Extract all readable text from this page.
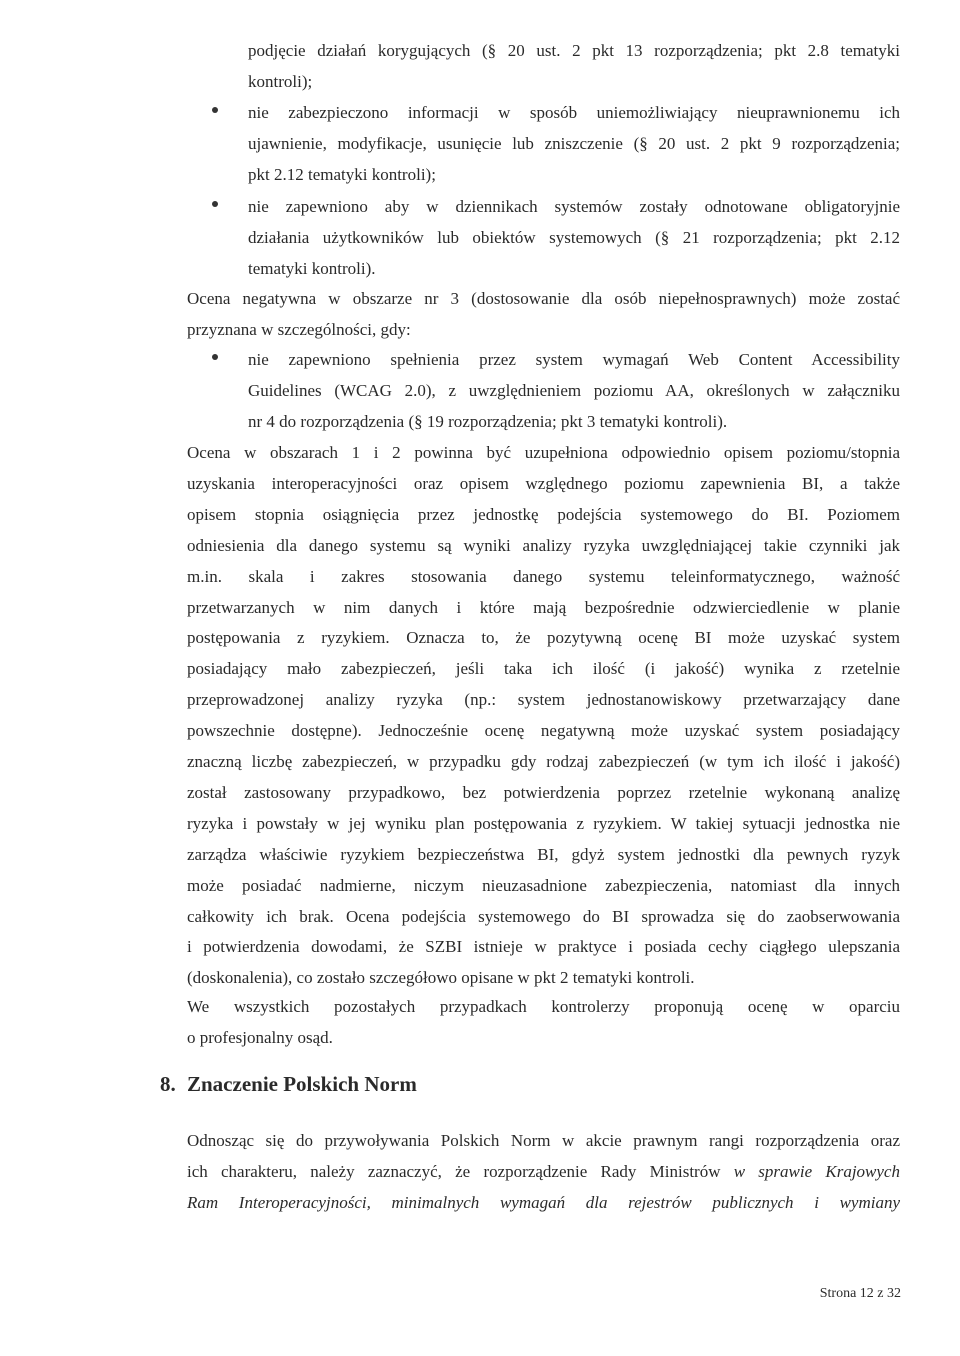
podjęcie działań korygujących (§ 20 ust. 2 pkt 13 rozporządzenia; pkt 2.8 tematyki
kontroli);
nie zabezpieczono informacji w sposób uniemożliwiający nieuprawnionemu ich
ujawnienie, modyfikacje, usunięcie lub zniszczenie (§ 20 ust. 2 pkt 9 rozporządzenia;
pkt 2.12 tematyki kontroli);
nie zapewniono aby w dziennikach systemów zostały odnotowane obligatoryjnie
działania użytkowników lub obiektów systemowych (§ 21 rozporządzenia; pkt 2.12
tematyki kontroli).
Ocena negatywna w obszarze nr 3 (dostosowanie dla osób niepełnosprawnych) może zostać
przyznana w szczególności, gdy:
nie zapewniono spełnienia przez system wymagań Web Content Accessibility
Guidelines (WCAG 2.0), z uwzględnieniem poziomu AA, określonych w załączniku
nr 4 do rozporządzenia (§ 19 rozporządzenia; pkt 3 tematyki kontroli).
Ocena w obszarach 1 i 2 powinna być uzupełniona odpowiednio opisem poziomu/stopnia
uzyskania interoperacyjności oraz opisem względnego poziomu zapewnienia BI, a także
opisem stopnia osiągnięcia przez jednostkę podejścia systemowego do BI. Poziomem
odniesienia dla danego systemu są wyniki analizy ryzyka uwzględniającej takie czynniki jak
m.in. skala i zakres stosowania danego systemu teleinformatycznego, ważność
przetwarzanych w nim danych i które mają bezpośrednie odzwierciedlenie w planie
postępowania z ryzykiem. Oznacza to, że pozytywną ocenę BI może uzyskać system
posiadający mało zabezpieczeń, jeśli taka ich ilość (i jakość) wynika z rzetelnie
przeprowadzonej analizy ryzyka (np.: system jednostanowiskowy przetwarzający dane
powszechnie dostępne). Jednocześnie ocenę negatywną może uzyskać system posiadający
znaczną liczbę zabezpieczeń, w przypadku gdy rodzaj zabezpieczeń (w tym ich ilość i jakość)
został zastosowany przypadkowo, bez potwierdzenia poprzez rzetelnie wykonaną analizę
ryzyka i powstały w jej wyniku plan postępowania z ryzykiem. W takiej sytuacji jednostka nie
zarządza właściwie ryzykiem bezpieczeństwa BI, gdyż system jednostki dla pewnych ryzyk
może posiadać nadmierne, niczym nieuzasadnione zabezpieczenia, natomiast dla innych
całkowity ich brak. Ocena podejścia systemowego do BI sprowadza się do zaobserwowania
i potwierdzenia dowodami, że SZBI istnieje w praktyce i posiada cechy ciągłego ulepszania
(doskonalenia), co zostało szczegółowo opisane w pkt 2 tematyki kontroli.
We wszystkich pozostałych przypadkach kontrolerzy proponują ocenę w oparciu
o profesjonalny osąd.
8. Znaczenie Polskich Norm
Odnosząc się do przywoływania Polskich Norm w akcie prawnym rangi rozporządzenia oraz
ich charakteru, należy zaznaczyć, że rozporządzenie Rady Ministrów w sprawie Krajowych
Ram Interoperacyjności, minimalnych wymagań dla rejestrów publicznych i wymiany
Strona 12 z 32
